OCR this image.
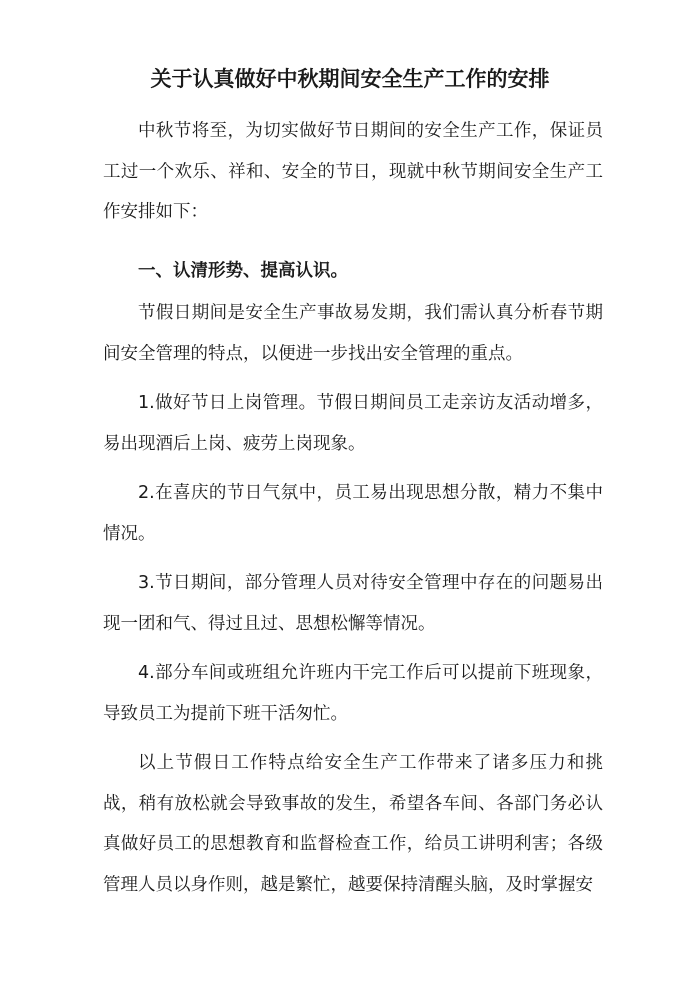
关于认真做好中秋期间安全生产工作的安排

中秋节将至，为切实做好节日期间的安全生产工作，保证员工过一个欢乐、祥和、安全的节日，现就中秋节期间安全生产工作安排如下：

一、认清形势、提高认识。

节假日期间是安全生产事故易发期，我们需认真分析春节期间安全管理的特点，以便进一步找出安全管理的重点。

1.做好节日上岗管理。节假日期间员工走亲访友活动增多，易出现酒后上岗、疲劳上岗现象。

2.在喜庆的节日气氛中，员工易出现思想分散，精力不集中情况。

3.节日期间，部分管理人员对待安全管理中存在的问题易出现一团和气、得过且过、思想松懈等情况。

4.部分车间或班组允许班内干完工作后可以提前下班现象，导致员工为提前下班干活匆忙。

以上节假日工作特点给安全生产工作带来了诸多压力和挑战，稍有放松就会导致事故的发生，希望各车间、各部门务必认真做好员工的思想教育和监督检查工作，给员工讲明利害；各级管理人员以身作则，越是繁忙，越要保持清醒头脑，及时掌握安
